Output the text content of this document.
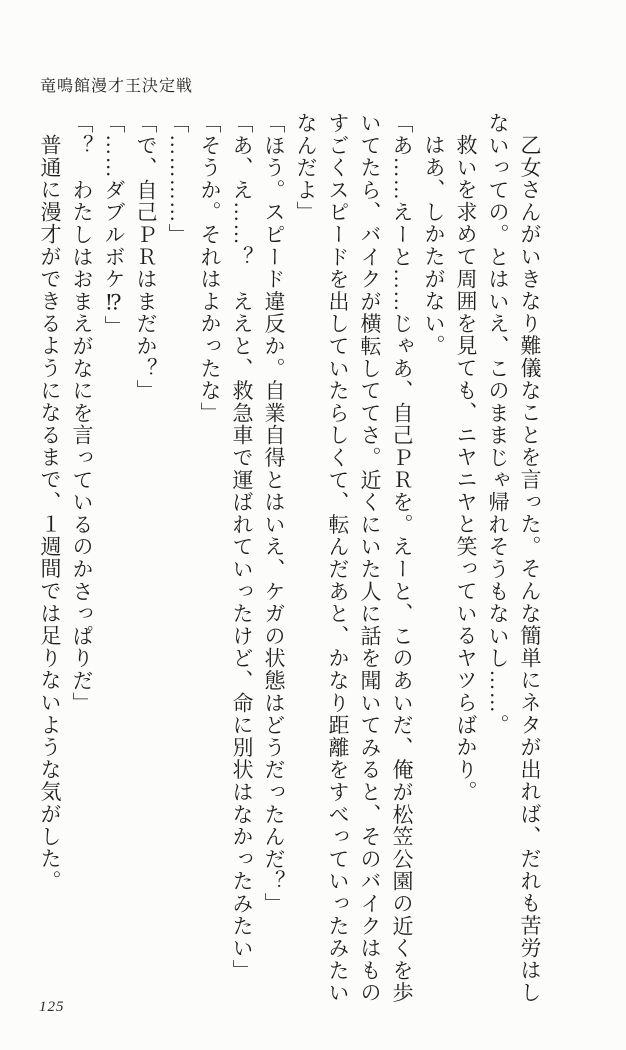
竜鳴館漫才王決定戦

乙女さんがいきなり難儀なことを言った。そんな簡単にネタが出れば、だれも苦労はしないっての。とはいえ、このままじゃ帰れそうもないし……。

救いを求めて周囲を見ても、ニヤニヤと笑っているヤツらばかり。

はあ、しかたがない。

「あ……えーと……じゃあ、自己ＰＲを。えーと、このあいだ、俺が松笠公園の近くを歩いてたら、バイクが横転しててさ。近くにいた人に話を聞いてみると、そのバイクはものすごくスピードを出していたらしくて、転んだあと、かなり距離をすべっていったみたいなんだよ」

「ほう。スピード違反か。自業自得とはいえ、ケガの状態はどうだったんだ？」

「あ、え……？　ええと、救急車で運ばれていったけど、命に別状はなかったみたい」

「そうか。それはよかったな」

「…………」

「で、自己ＰＲはまだか？」

「……ダブルボケ⁉」

「？　わたしはおまえがなにを言っているのかさっぱりだ」

普通に漫才ができるようになるまで、１週間では足りないような気がした。

125
